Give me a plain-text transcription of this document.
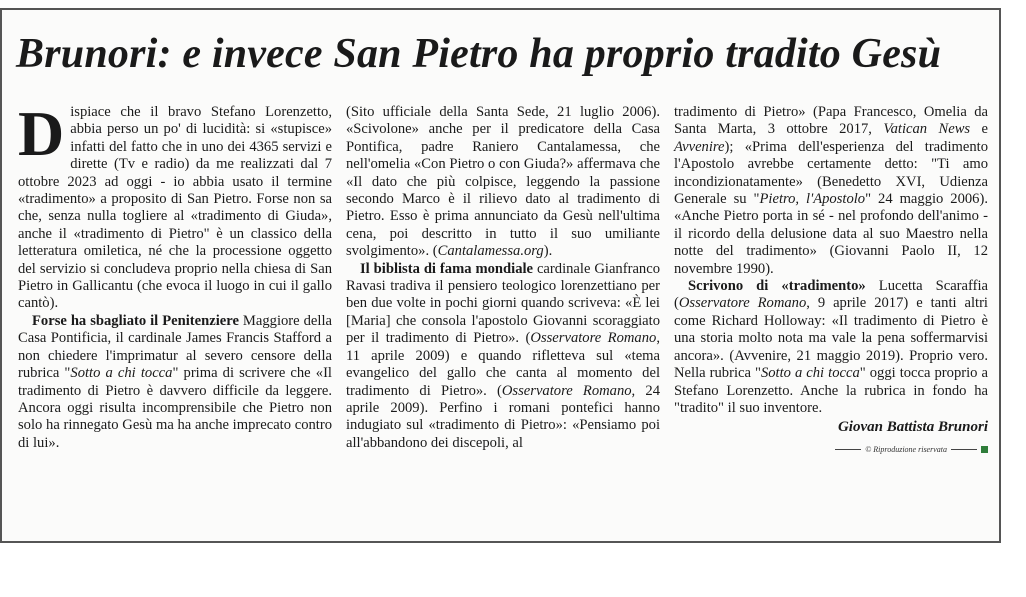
Brunori: e invece San Pietro ha proprio tradito Gesù

Dispiace che il bravo Stefano Lorenzetto, abbia perso un po' di lucidità: si «stupisce» infatti del fatto che in uno dei 4365 servizi e dirette (Tv e radio) da me realizzati dal 7 ottobre 2023 ad oggi - io abbia usato il termine «tradimento» a proposito di San Pietro. Forse non sa che, senza nulla togliere al «tradimento di Giuda», anche il «tradimento di Pietro" è un classico della letteratura omiletica, né che la processione oggetto del servizio si concludeva proprio nella chiesa di San Pietro in Gallicantu (che evoca il luogo in cui il gallo cantò).

Forse ha sbagliato il Penitenziere Maggiore della Casa Pontificia, il cardinale James Francis Stafford a non chiedere l'imprimatur al severo censore della rubrica "Sotto a chi tocca" prima di scrivere che «Il tradimento di Pietro è davvero difficile da leggere. Ancora oggi risulta incomprensibile che Pietro non solo ha rinnegato Gesù ma ha anche imprecato contro di lui».

(Sito ufficiale della Santa Sede, 21 luglio 2006). «Scivolone» anche per il predicatore della Casa Pontifica, padre Raniero Cantalamessa, che nell'omelia «Con Pietro o con Giuda?» affermava che «Il dato che più colpisce, leggendo la passione secondo Marco è il rilievo dato al tradimento di Pietro. Esso è prima annunciato da Gesù nell'ultima cena, poi descritto in tutto il suo umiliante svolgimento». (Cantalamessa.org).

Il biblista di fama mondiale cardinale Gianfranco Ravasi tradiva il pensiero teologico lorenzettiano per ben due volte in pochi giorni quando scriveva: «È lei [Maria] che consola l'apostolo Giovanni scoraggiato per il tradimento di Pietro». (Osservatore Romano, 11 aprile 2009) e quando rifletteva sul «tema evangelico del gallo che canta al momento del tradimento di Pietro». (Osservatore Romano, 24 aprile 2009). Perfino i romani pontefici hanno indugiato sul «tradimento di Pietro»: «Pensiamo poi all'abbandono dei discepoli, al

tradimento di Pietro» (Papa Francesco, Omelia da Santa Marta, 3 ottobre 2017, Vatican News e Avvenire); «Prima dell'esperienza del tradimento l'Apostolo avrebbe certamente detto: "Ti amo incondizionatamente» (Benedetto XVI, Udienza Generale su "Pietro, l'Apostolo" 24 maggio 2006). «Anche Pietro porta in sé - nel profondo dell'animo - il ricordo della delusione data al suo Maestro nella notte del tradimento» (Giovanni Paolo II, 12 novembre 1990).

Scrivono di «tradimento» Lucetta Scaraffia (Osservatore Romano, 9 aprile 2017) e tanti altri come Richard Holloway: «Il tradimento di Pietro è una storia molto nota ma vale la pena soffermarvisi ancora». (Avvenire, 21 maggio 2019). Proprio vero. Nella rubrica "Sotto a chi tocca" oggi tocca proprio a Stefano Lorenzetto. Anche la rubrica in fondo ha "tradito" il suo inventore.

Giovan Battista Brunori
© Riproduzione riservata
